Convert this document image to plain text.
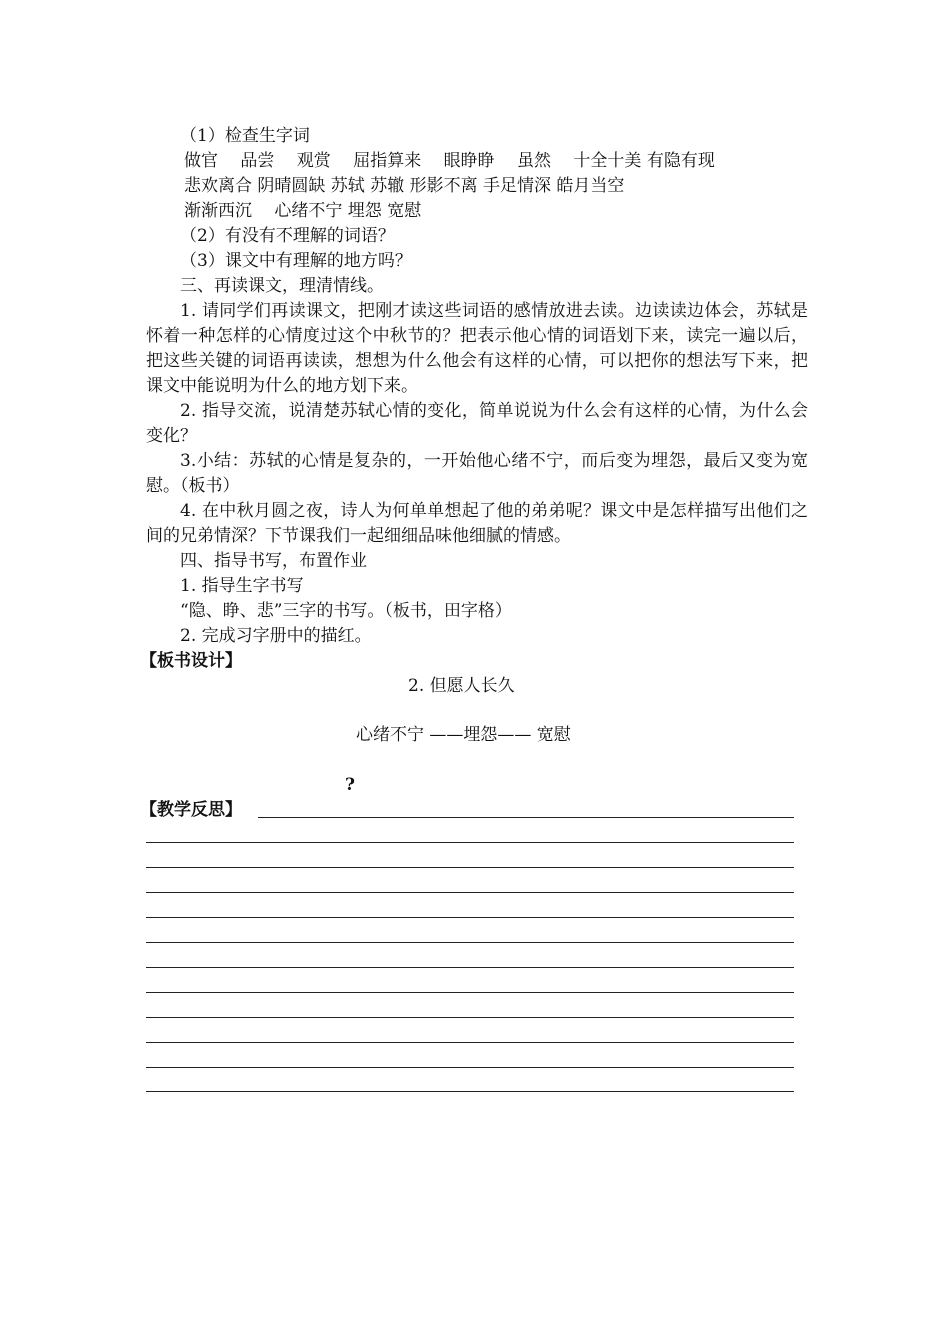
（1）检查生字词
做官　 品尝　 观赏　 屈指算来　 眼睁睁　 虽然　 十全十美 有隐有现
悲欢离合 阴晴圆缺 苏轼 苏辙 形影不离 手足情深 皓月当空
渐渐西沉　 心绪不宁 埋怨 宽慰
（2）有没有不理解的词语？
（3）课文中有理解的地方吗？
三、再读课文，理清情线。
1. 请同学们再读课文，把刚才读这些词语的感情放进去读。边读读边体会，苏轼是怀着一种怎样的心情度过这个中秋节的？把表示他心情的词语划下来，读完一遍以后，把这些关键的词语再读读，想想为什么他会有这样的心情，可以把你的想法写下来，把课文中能说明为什么的地方划下来。
2. 指导交流，说清楚苏轼心情的变化，简单说说为什么会有这样的心情，为什么会变化？
3.小结：苏轼的心情是复杂的，一开始他心绪不宁，而后变为埋怨，最后又变为宽慰。（板书）
4. 在中秋月圆之夜，诗人为何单单想起了他的弟弟呢？课文中是怎样描写出他们之间的兄弟情深？下节课我们一起细细品味他细腻的情感。
四、指导书写，布置作业
1. 指导生字书写
“隐、睁、悲”三字的书写。（板书，田字格）
2. 完成习字册中的描红。
【板书设计】
2. 但愿人长久
心绪不宁 ——埋怨—— 宽慰
?
【教学反思】
